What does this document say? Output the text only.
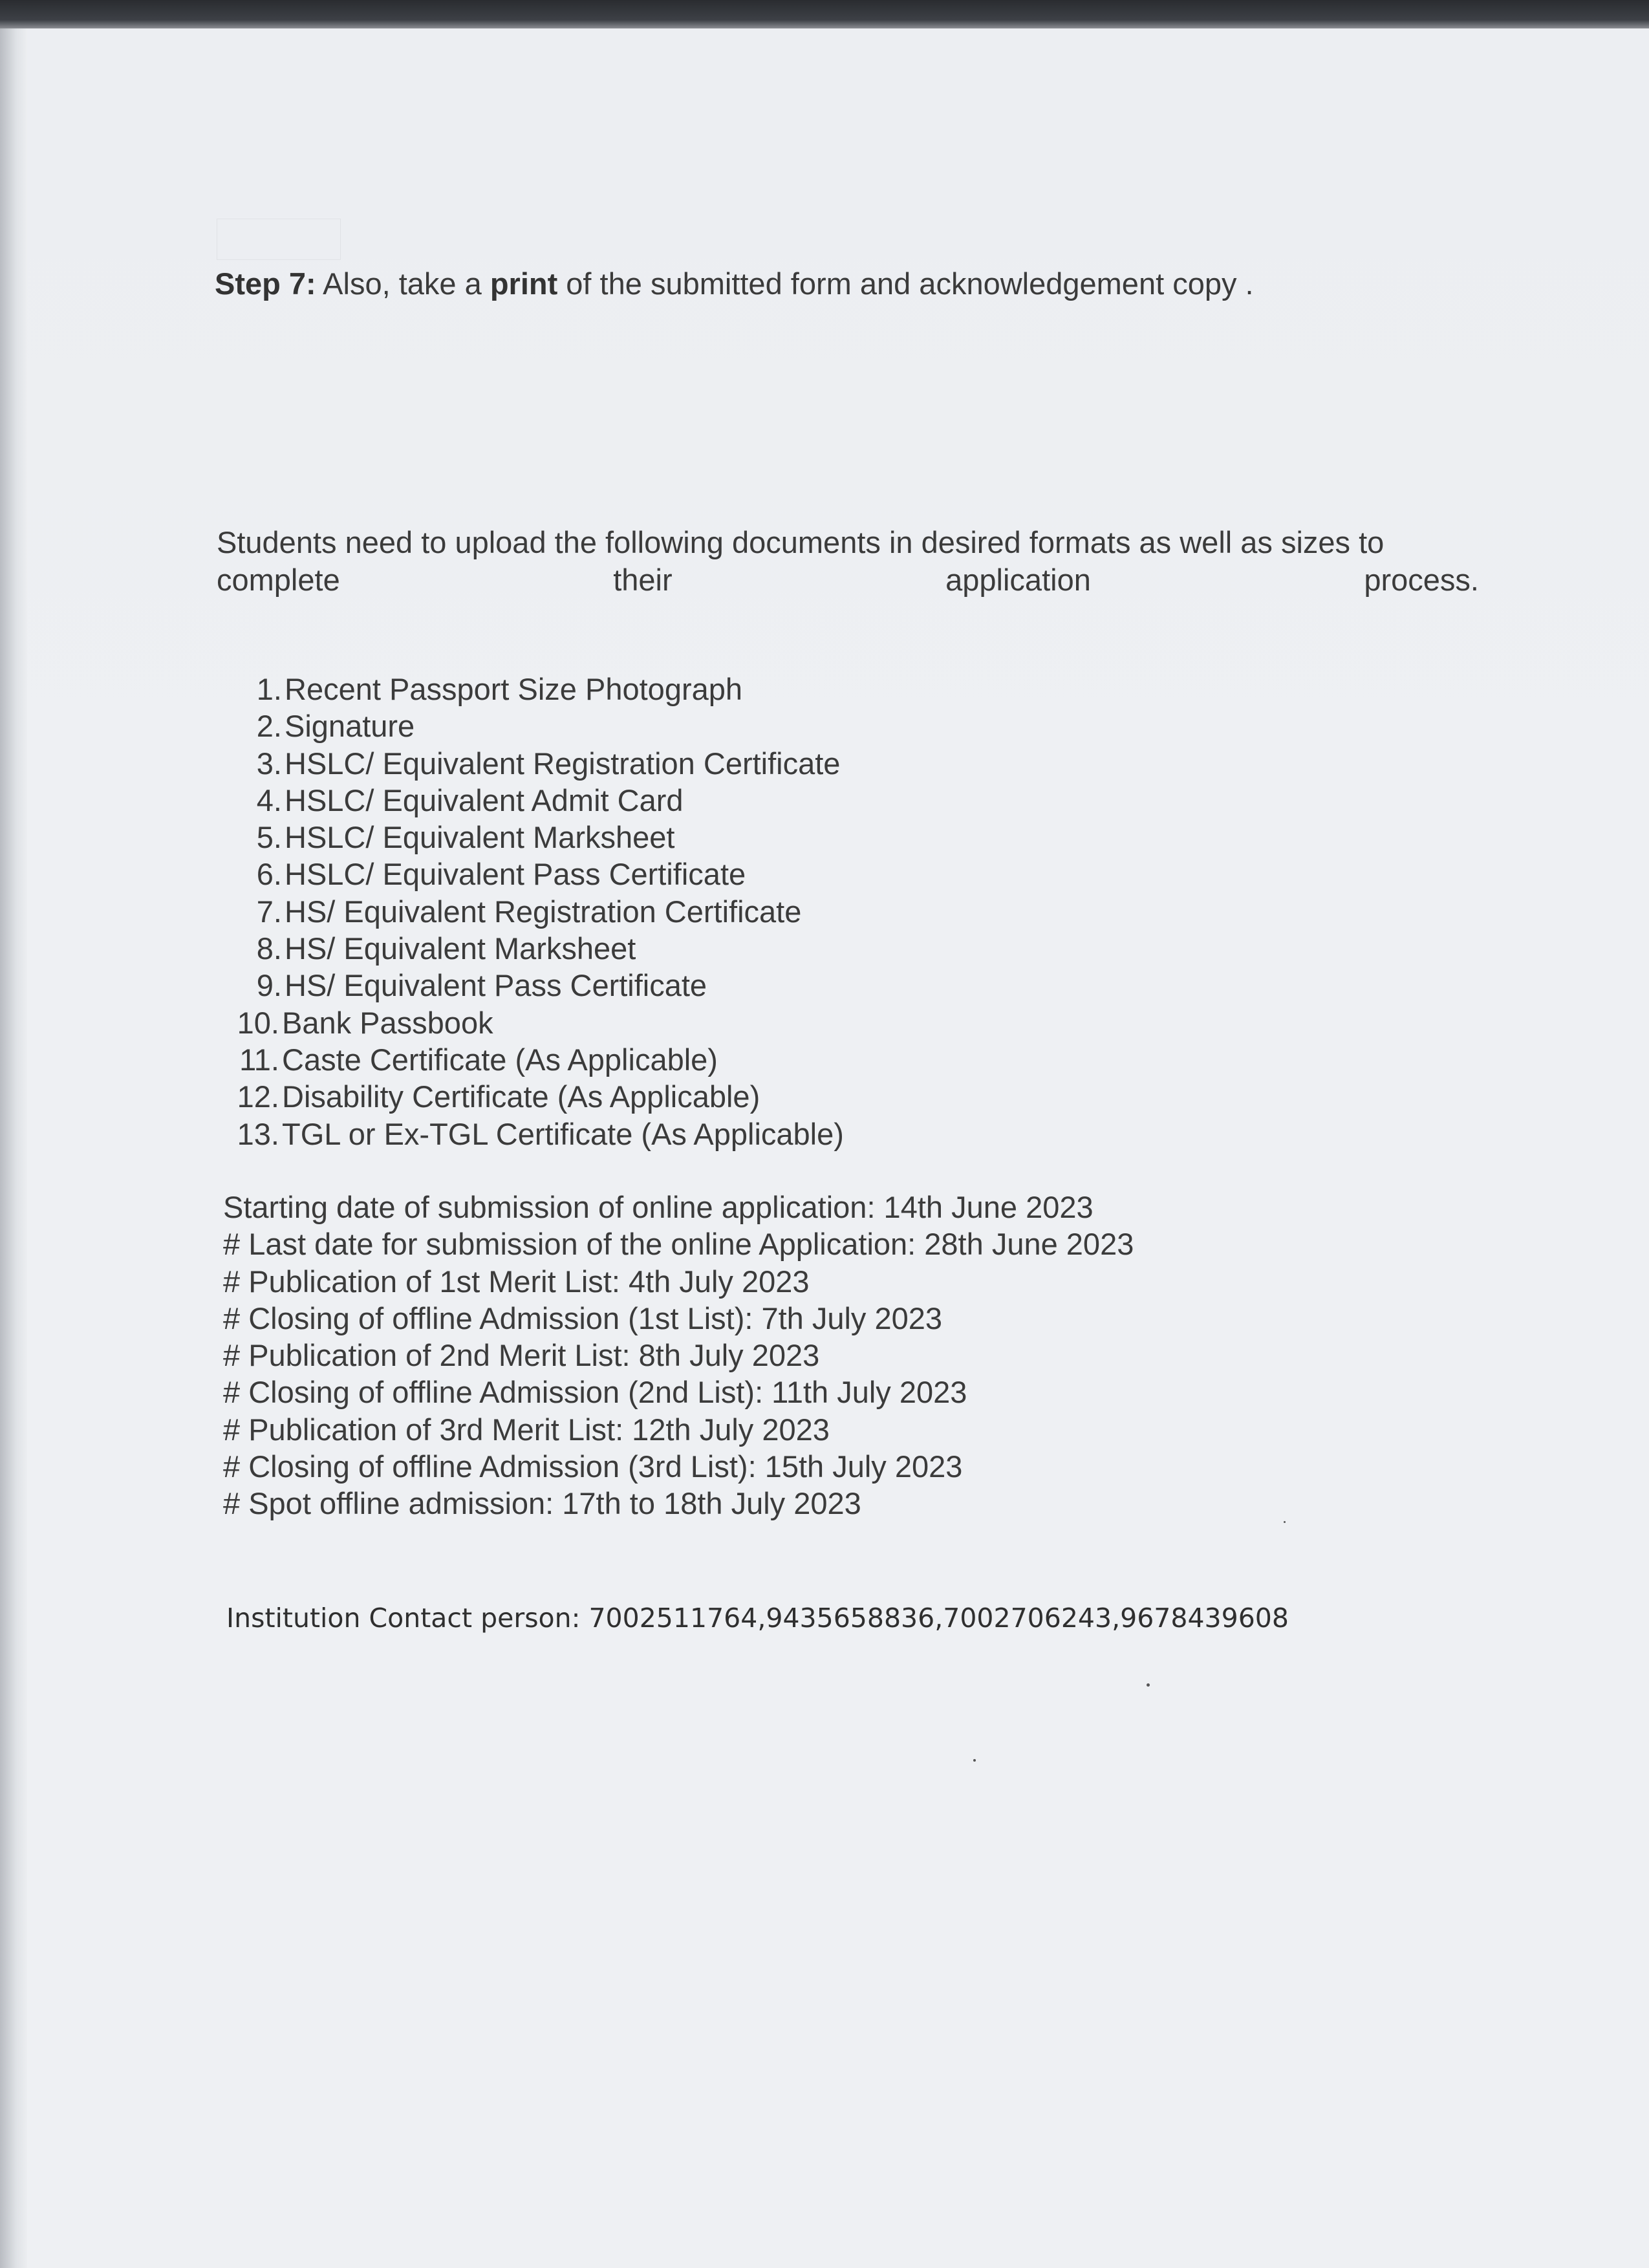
Step 7: Also, take a print of the submitted form and acknowledgement copy .
Students need to upload the following documents in desired formats as well as sizes to
complete	their	application	process.
1.Recent Passport Size Photograph
2.Signature
3.HSLC/ Equivalent Registration Certificate
4.HSLC/ Equivalent Admit Card
5.HSLC/ Equivalent Marksheet
6.HSLC/ Equivalent Pass Certificate
7.HS/ Equivalent Registration Certificate
8.HS/ Equivalent Marksheet
9.HS/ Equivalent Pass Certificate
10.Bank Passbook
11.Caste Certificate (As Applicable)
12.Disability Certificate (As Applicable)
13.TGL or Ex-TGL Certificate (As Applicable)
Starting date of submission of online application: 14th June 2023
# Last date for submission of the online Application: 28th June 2023
# Publication of 1st Merit List: 4th July 2023
# Closing of offline Admission (1st List): 7th July 2023
# Publication of 2nd Merit List: 8th July 2023
# Closing of offline Admission (2nd List): 11th July 2023
# Publication of 3rd Merit List: 12th July 2023
# Closing of offline Admission (3rd List): 15th July 2023
# Spot offline admission: 17th to 18th July 2023
Institution Contact person: 7002511764,9435658836,7002706243,9678439608
